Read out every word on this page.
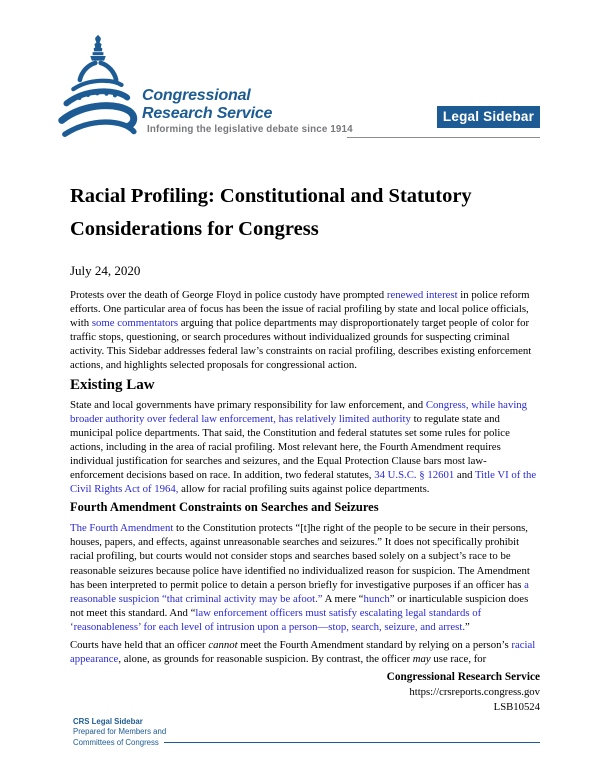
Congressional
Research Service
Informing the legislative debate since 1914
Legal Sidebar
Racial Profiling: Constitutional and Statutory
Considerations for Congress
July 24, 2020

Protests over the death of George Floyd in police custody have prompted renewed interest in police reform efforts. One particular area of focus has been the issue of racial profiling by state and local police officials, with some commentators arguing that police departments may disproportionately target people of color for traffic stops, questioning, or search procedures without individualized grounds for suspecting criminal activity. This Sidebar addresses federal law’s constraints on racial profiling, describes existing enforcement actions, and highlights selected proposals for congressional action.

Existing Law

State and local governments have primary responsibility for law enforcement, and Congress, while having broader authority over federal law enforcement, has relatively limited authority to regulate state and municipal police departments. That said, the Constitution and federal statutes set some rules for police actions, including in the area of racial profiling. Most relevant here, the Fourth Amendment requires individual justification for searches and seizures, and the Equal Protection Clause bars most law-enforcement decisions based on race. In addition, two federal statutes, 34 U.S.C. § 12601 and Title VI of the Civil Rights Act of 1964, allow for racial profiling suits against police departments.

Fourth Amendment Constraints on Searches and Seizures

The Fourth Amendment to the Constitution protects “[t]he right of the people to be secure in their persons, houses, papers, and effects, against unreasonable searches and seizures.” It does not specifically prohibit racial profiling, but courts would not consider stops and searches based solely on a subject’s race to be reasonable seizures because police have identified no individualized reason for suspicion. The Amendment has been interpreted to permit police to detain a person briefly for investigative purposes if an officer has a reasonable suspicion “that criminal activity may be afoot.” A mere “hunch” or inarticulable suspicion does not meet this standard. And “law enforcement officers must satisfy escalating legal standards of ‘reasonableness’ for each level of intrusion upon a person—stop, search, seizure, and arrest.”

Courts have held that an officer cannot meet the Fourth Amendment standard by relying on a person’s racial appearance, alone, as grounds for reasonable suspicion. By contrast, the officer may use race, for

Congressional Research Service
https://crsreports.congress.gov
LSB10524
CRS Legal Sidebar
Prepared for Members and
Committees of Congress
